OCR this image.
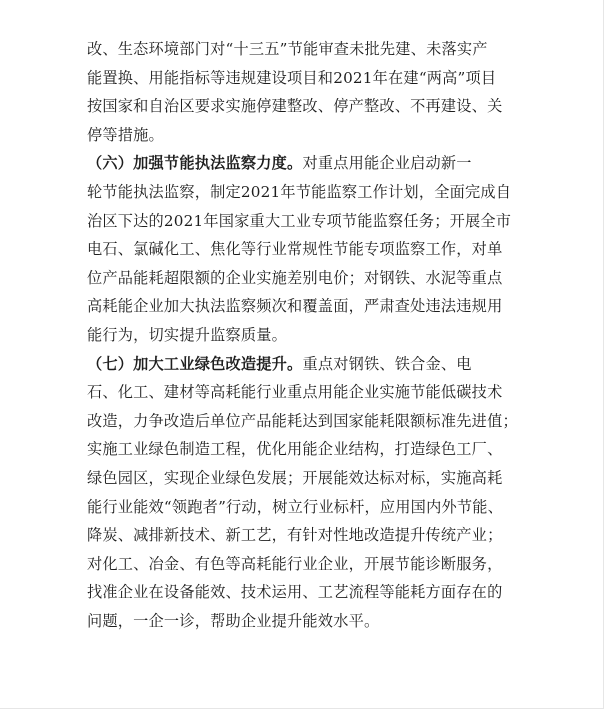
改、生态环境部门对“十三五”节能审查未批先建、未落实产
能置换、用能指标等违规建设项目和2021年在建“两高”项目
按国家和自治区要求实施停建整改、停产整改、不再建设、关
停等措施。
（六）加强节能执法监察力度。对重点用能企业启动新一
轮节能执法监察，制定2021年节能监察工作计划，全面完成自
治区下达的2021年国家重大工业专项节能监察任务；开展全市
电石、氯碱化工、焦化等行业常规性节能专项监察工作，对单
位产品能耗超限额的企业实施差别电价；对钢铁、水泥等重点
高耗能企业加大执法监察频次和覆盖面，严肃查处违法违规用
能行为，切实提升监察质量。
（七）加大工业绿色改造提升。重点对钢铁、铁合金、电
石、化工、建材等高耗能行业重点用能企业实施节能低碳技术
改造，力争改造后单位产品能耗达到国家能耗限额标准先进值；
实施工业绿色制造工程，优化用能企业结构，打造绿色工厂、
绿色园区，实现企业绿色发展；开展能效达标对标，实施高耗
能行业能效“领跑者”行动，树立行业标杆，应用国内外节能、
降炭、减排新技术、新工艺，有针对性地改造提升传统产业；
对化工、冶金、有色等高耗能行业企业，开展节能诊断服务，
找准企业在设备能效、技术运用、工艺流程等能耗方面存在的
问题，一企一诊，帮助企业提升能效水平。
